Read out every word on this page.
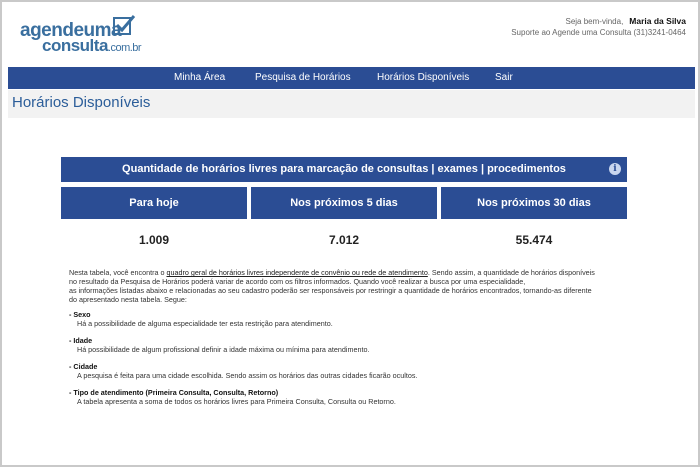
agendeuma
consulta.com.br
Seja bem-vinda, Maria da Silva
Suporte ao Agende uma Consulta (31)3241-0464
Minha Área	Pesquisa de Horários	Horários Disponíveis	Sair
Horários Disponíveis
Quantidade de horários livres para marcação de consultas | exames | procedimentos	i
Para hoje	Nos próximos 5 dias	Nos próximos 30 dias
1.009	7.012	55.474

Nesta tabela, você encontra o quadro geral de horários livres independente de convênio ou rede de atendimento. Sendo assim, a quantidade de horários disponíveis

no resultado da Pesquisa de Horários poderá variar de acordo com os filtros informados. Quando você realizar a busca por uma especialidade,

as informações listadas abaixo e relacionadas ao seu cadastro poderão ser responsáveis por restringir a quantidade de horários encontrados, tornando-as diferente

do apresentado nesta tabela. Segue:

- Sexo
Há a possibilidade de alguma especialidade ter esta restrição para atendimento.
- Idade
Há possibilidade de algum profissional definir a idade máxima ou mínima para atendimento.
- Cidade
A pesquisa é feita para uma cidade escolhida. Sendo assim os horários das outras cidades ficarão ocultos.
- Tipo de atendimento (Primeira Consulta, Consulta, Retorno)
A tabela apresenta a soma de todos os horários livres para Primeira Consulta, Consulta ou Retorno.
